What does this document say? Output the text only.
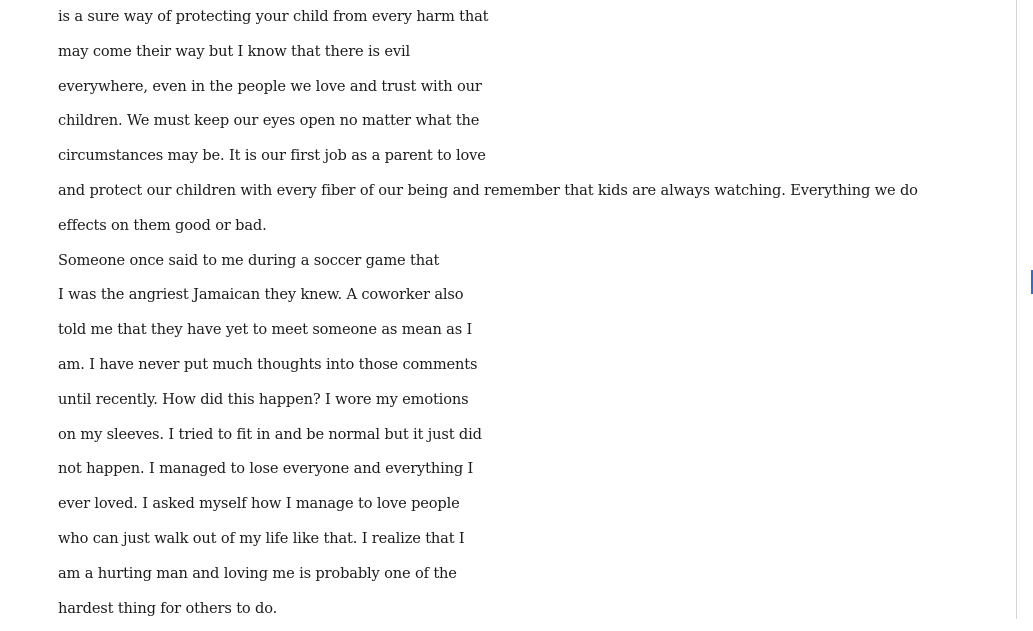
is a sure way of protecting your child from every harm that
may come their way but I know that there is evil
everywhere, even in the people we love and trust with our
children. We must keep our eyes open no matter what the
circumstances may be. It is our first job as a parent to love
and protect our children with every fiber of our being and remember that kids are always watching. Everything we do
effects on them good or bad.
Someone once said to me during a soccer game that
I was the angriest Jamaican they knew. A coworker also
told me that they have yet to meet someone as mean as I
am. I have never put much thoughts into those comments
until recently. How did this happen? I wore my emotions
on my sleeves. I tried to fit in and be normal but it just did
not happen. I managed to lose everyone and everything I
ever loved. I asked myself how I manage to love people
who can just walk out of my life like that. I realize that I
am a hurting man and loving me is probably one of the
hardest thing for others to do.
